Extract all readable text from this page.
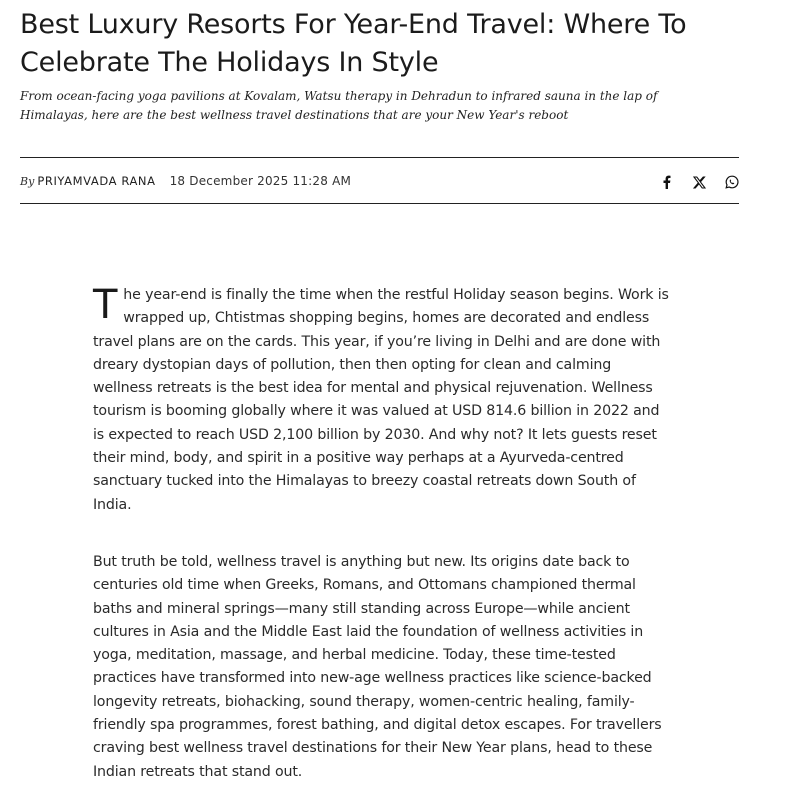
Best Luxury Resorts For Year-End Travel: Where To Celebrate The Holidays In Style

From ocean-facing yoga pavilions at Kovalam, Watsu therapy in Dehradun to infrared sauna in the lap of Himalayas, here are the best wellness travel destinations that are your New Year's reboot

By PRIYAMVADA RANA 18 December 2025 11:28 AM

The year-end is finally the time when the restful Holiday season begins. Work is wrapped up, Chtistmas shopping begins, homes are decorated and endless travel plans are on the cards. This year, if you’re living in Delhi and are done with dreary dystopian days of pollution, then then opting for clean and calming wellness retreats is the best idea for mental and physical rejuvenation. Wellness tourism is booming globally where it was valued at USD 814.6 billion in 2022 and is expected to reach USD 2,100 billion by 2030. And why not? It lets guests reset their mind, body, and spirit in a positive way perhaps at a Ayurveda-centred sanctuary tucked into the Himalayas to breezy coastal retreats down South of India.

But truth be told, wellness travel is anything but new. Its origins date back to centuries old time when Greeks, Romans, and Ottomans championed thermal baths and mineral springs—many still standing across Europe—while ancient cultures in Asia and the Middle East laid the foundation of wellness activities in yoga, meditation, massage, and herbal medicine. Today, these time-tested practices have transformed into new-age wellness practices like science-backed longevity retreats, biohacking, sound therapy, women-centric healing, family-friendly spa programmes, forest bathing, and digital detox escapes. For travellers craving best wellness travel destinations for their New Year plans, head to these Indian retreats that stand out.
